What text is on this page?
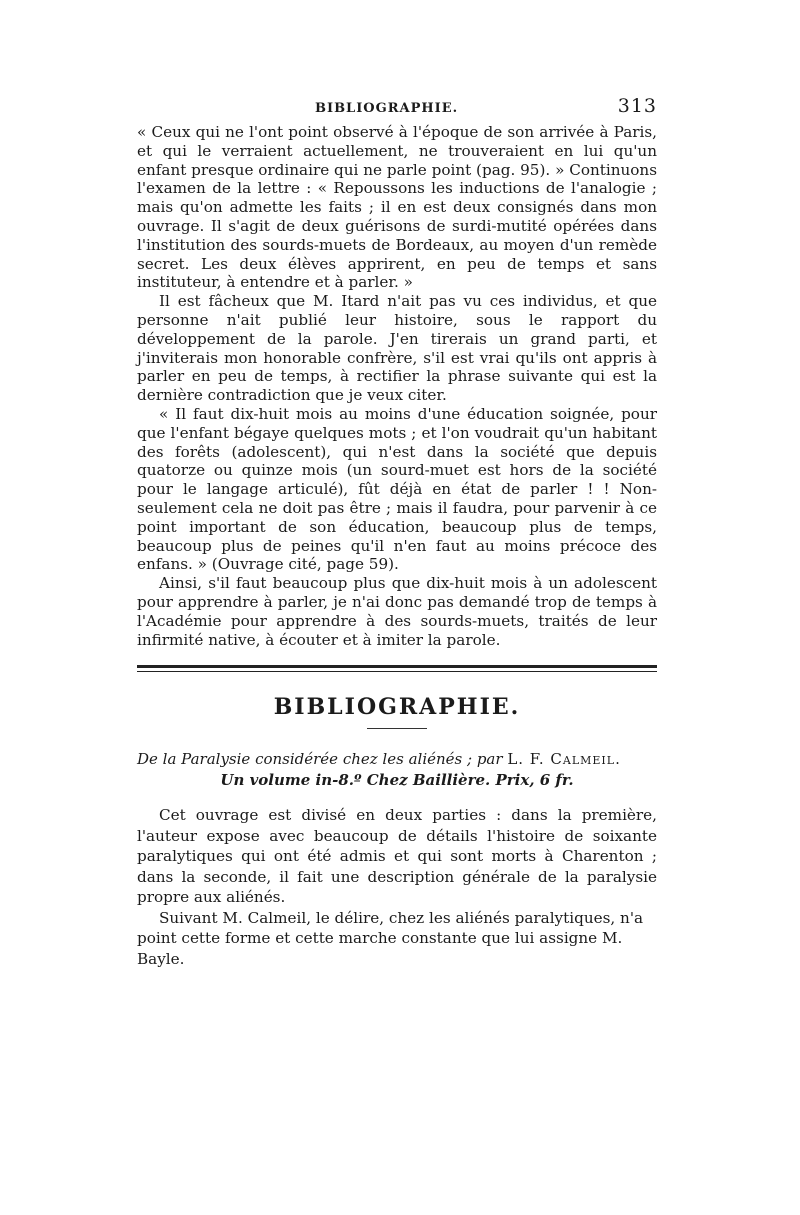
BIBLIOGRAPHIE.	313

« Ceux qui ne l'ont point observé à l'époque de son arrivée à Paris, et qui le verraient actuellement, ne trouveraient en lui qu'un enfant presque ordinaire qui ne parle point (pag. 95). » Continuons l'examen de la lettre : « Repoussons les inductions de l'analogie ; mais qu'on admette les faits ; il en est deux consignés dans mon ouvrage. Il s'agit de deux guérisons de surdi-mutité opérées dans l'institution des sourds-muets de Bordeaux, au moyen d'un remède secret. Les deux élèves apprirent, en peu de temps et sans instituteur, à entendre et à parler. »

Il est fâcheux que M. Itard n'ait pas vu ces individus, et que personne n'ait publié leur histoire, sous le rapport du développement de la parole. J'en tirerais un grand parti, et j'inviterais mon honorable confrère, s'il est vrai qu'ils ont appris à parler en peu de temps, à rectifier la phrase suivante qui est la dernière contradiction que je veux citer.

« Il faut dix-huit mois au moins d'une éducation soignée, pour que l'enfant bégaye quelques mots ; et l'on voudrait qu'un habitant des forêts (adolescent), qui n'est dans la société que depuis quatorze ou quinze mois (un sourd-muet est hors de la société pour le langage articulé), fût déjà en état de parler ! ! Non-seulement cela ne doit pas être ; mais il faudra, pour parvenir à ce point important de son éducation, beaucoup plus de temps, beaucoup plus de peines qu'il n'en faut au moins précoce des enfans. » (Ouvrage cité, page 59).

Ainsi, s'il faut beaucoup plus que dix-huit mois à un adolescent pour apprendre à parler, je n'ai donc pas demandé trop de temps à l'Académie pour apprendre à des sourds-muets, traités de leur infirmité native, à écouter et à imiter la parole.

BIBLIOGRAPHIE.
De la Paralysie considérée chez les aliénés ; par L. F. Calmeil.
Un volume in-8.º Chez Baillière. Prix, 6 fr.

Cet ouvrage est divisé en deux parties : dans la première, l'auteur expose avec beaucoup de détails l'histoire de soixante paralytiques qui ont été admis et qui sont morts à Charenton ; dans la seconde, il fait une description générale de la paralysie propre aux aliénés.

Suivant M. Calmeil, le délire, chez les aliénés paralytiques, n'a point cette forme et cette marche constante que lui assigne M. Bayle.
